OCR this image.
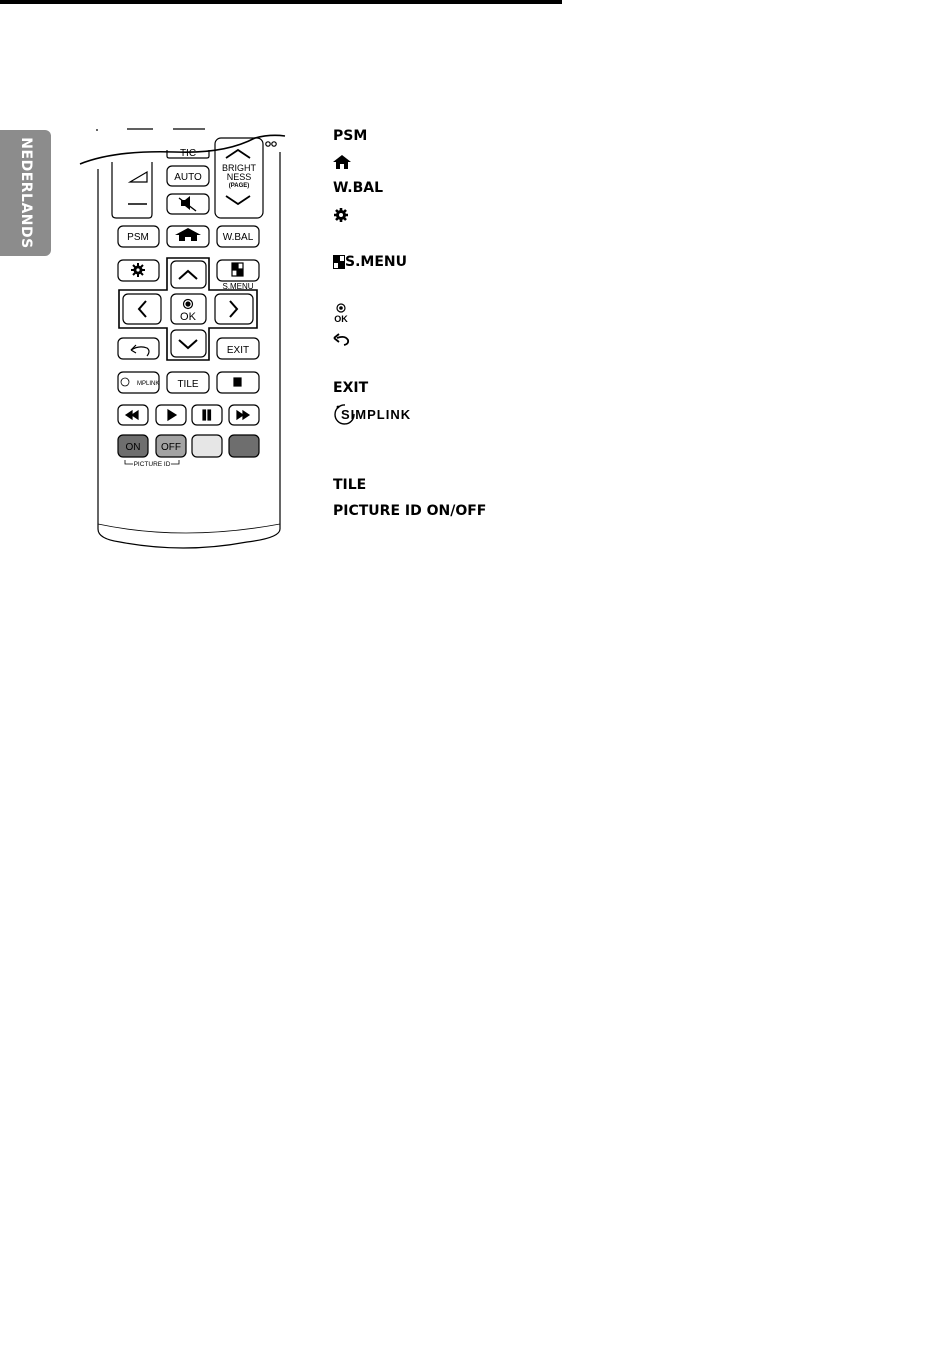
NEDERLANDS	TIC
AUTO
BRIGHT
NESS
(PAGE)
PSM	W.BAL
S.MENU
OK
EXIT
TILE
ON OFF
PICTURE ID
MPLINK
PSM
W.BAL
S.MENU
OK
EXIT
SIMPLINK
TILE
PICTURE ID ON/OFF
